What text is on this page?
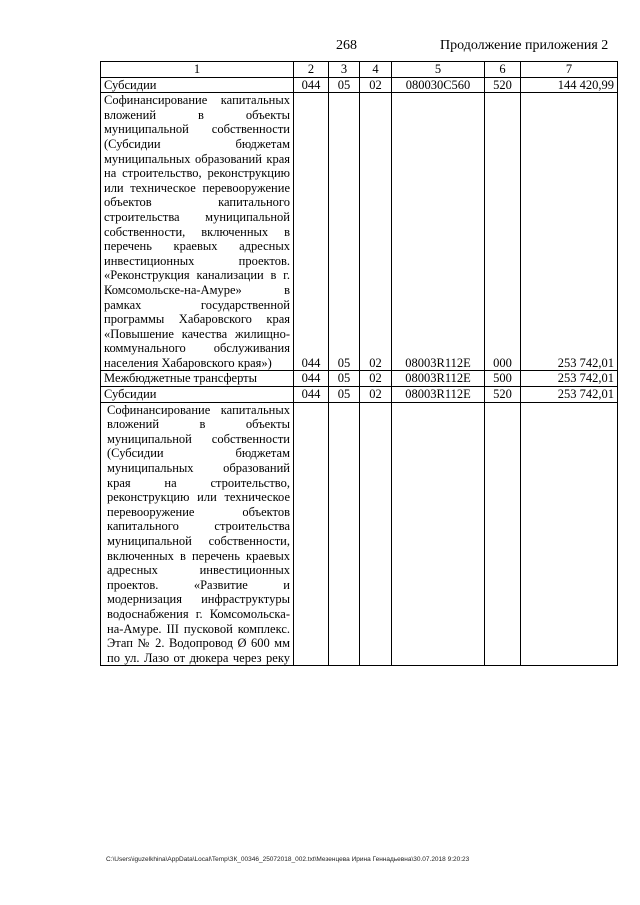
268	Продолжение приложения 2
1	2	3	4	5	6	7
Субсидии	044	05	02	080030С560	520	144 420,99
Софинансирование капитальных вложений в объекты муниципальной собственности (Субсидии бюджетам муниципальных образований края на строительство, реконструкцию или техническое перевооружение объектов капитального строительства муниципальной собственности, включенных в перечень краевых адресных инвестиционных проектов. «Реконструкция канализации в г. Комсомольске-на-Амуре» в рамках государственной программы Хабаровского края «Повышение качества жилищно-коммунального обслуживания населения Хабаровского края»)	044	05	02	08003R112Е	000	253 742,01
Межбюджетные трансферты	044	05	02	08003R112Е	500	253 742,01
Субсидии	044	05	02	08003R112Е	520	253 742,01
Софинансирование капитальных вложений в объекты муниципальной собственности (Субсидии бюджетам муниципальных образований края на строительство, реконструкцию или техническое перевооружение объектов капитального строительства муниципальной собственности, включенных в перечень краевых адресных инвестиционных проектов. «Развитие и модернизация инфраструктуры водоснабжения г. Комсомольска-на-Амуре. III пусковой комплекс. Этап № 2. Водопровод Ø 600 мм по ул. Лазо от дюкера через реку						
C:\Users\iguzelkhina\AppData\Local\Temp\ЗК_00346_25072018_002.txt\Мезенцева Ирина Геннадьевна\30.07.2018 9:20:23
